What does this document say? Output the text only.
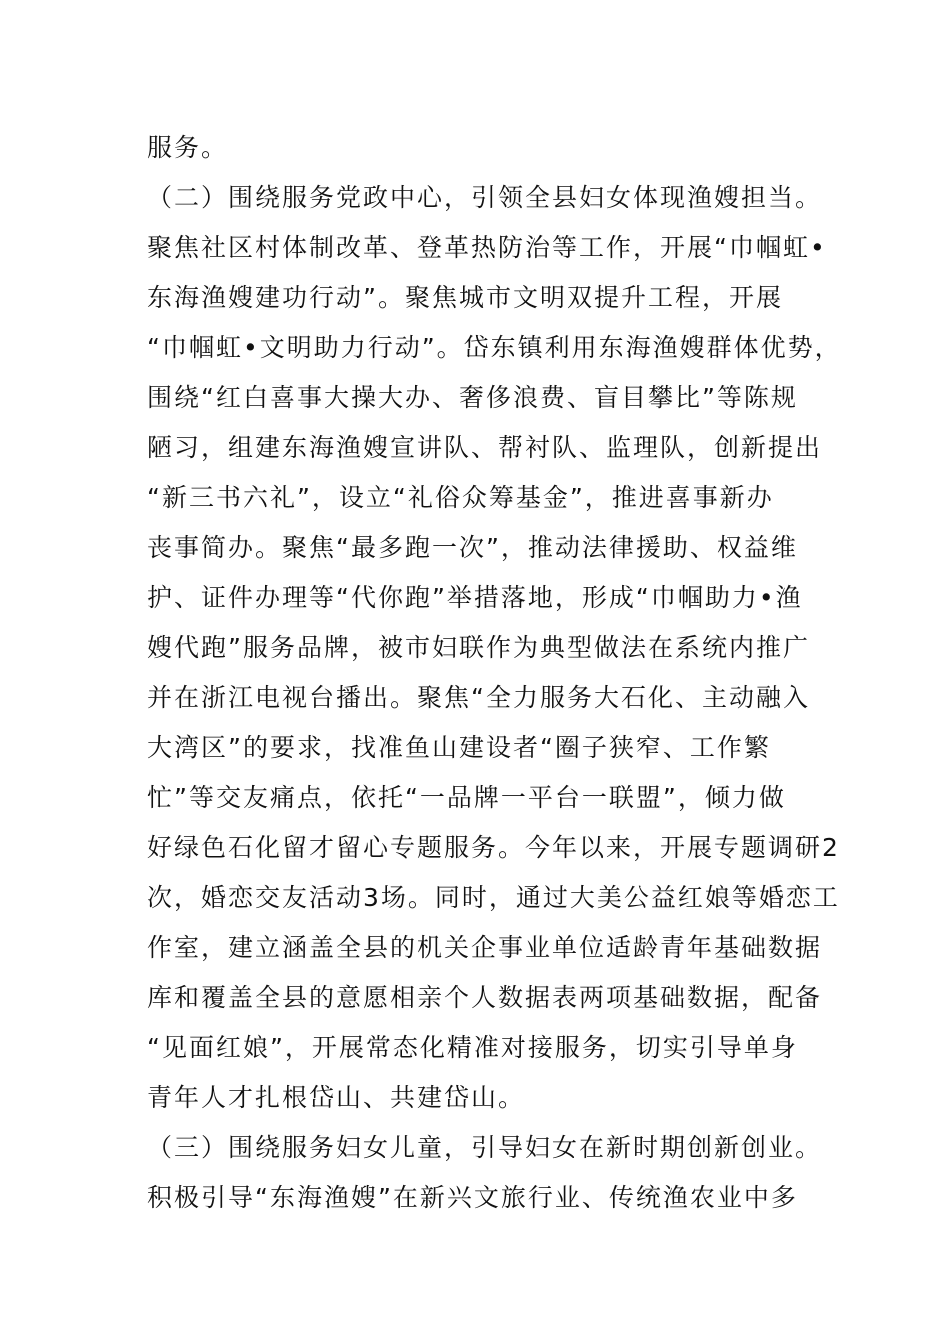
服务。
（二）围绕服务党政中心，引领全县妇女体现渔嫂担当。
聚焦社区村体制改革、登革热防治等工作，开展“巾帼虹•
东海渔嫂建功行动”。聚焦城市文明双提升工程，开展
“巾帼虹•文明助力行动”。岱东镇利用东海渔嫂群体优势，
围绕“红白喜事大操大办、奢侈浪费、盲目攀比”等陈规
陋习，组建东海渔嫂宣讲队、帮衬队、监理队，创新提出
“新三书六礼”，设立“礼俗众筹基金”，推进喜事新办
丧事简办。聚焦“最多跑一次”，推动法律援助、权益维
护、证件办理等“代你跑”举措落地，形成“巾帼助力•渔
嫂代跑”服务品牌，被市妇联作为典型做法在系统内推广
并在浙江电视台播出。聚焦“全力服务大石化、主动融入
大湾区”的要求，找准鱼山建设者“圈子狭窄、工作繁
忙”等交友痛点，依托“一品牌一平台一联盟”，倾力做
好绿色石化留才留心专题服务。今年以来，开展专题调研2
次，婚恋交友活动3场。同时，通过大美公益红娘等婚恋工
作室，建立涵盖全县的机关企事业单位适龄青年基础数据
库和覆盖全县的意愿相亲个人数据表两项基础数据，配备
“见面红娘”，开展常态化精准对接服务，切实引导单身
青年人才扎根岱山、共建岱山。
（三）围绕服务妇女儿童，引导妇女在新时期创新创业。
积极引导“东海渔嫂”在新兴文旅行业、传统渔农业中多
